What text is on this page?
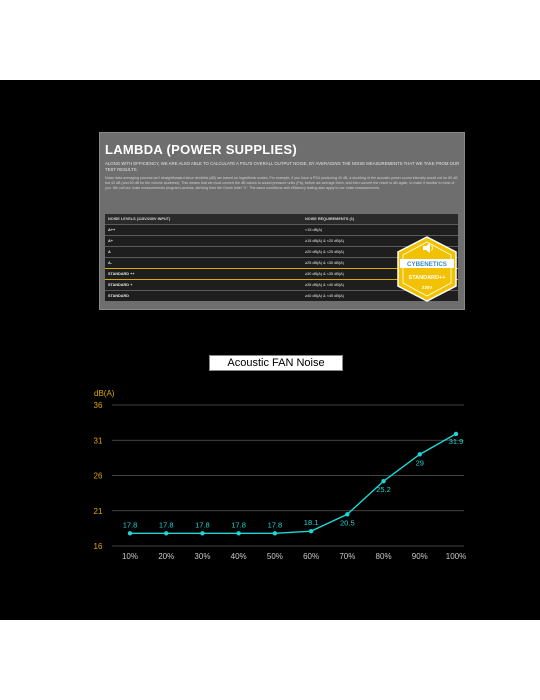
LAMBDA (POWER SUPPLIES)
ALONG WITH EFFICIENCY, WE ARE ALSO ABLE TO CALCULATE A PSU'S OVERALL OUTPUT NOISE, BY AVERAGING THE NOISE MEASUREMENTS THAT WE TAKE FROM OUR TEST RESULTS.
Noise data averaging process isn't straightforward since decibels (dB) are based on logarithmic scales. For example, if you have a PSU producing 40 dB, a doubling of the acoustic power sound intensity would not be 80 dB but 43 dB (and 50 dB for the volume loudness). This means that we must convert the dB values to sound pressure units (Pa), before we average them, and then convert the result to dB again, to make it familiar to most of you. We call our noise measurements program Lambda, deriving from the Greek letter "λ". The same conditions with efficiency testing also apply to our noise measurements.
NOISE LEVELS (115V/230V INPUT)	NOISE REQUIREMENTS (1)
A++	<15 dB(A)
A+	≥15 dB(A) & <20 dB(A)
A	≥20 dB(A) & <25 dB(A)
A-	≥25 dB(A) & <30 dB(A)
STANDARD ++	≥30 dB(A) & <35 dB(A)
STANDARD +	≥35 dB(A) & <40 dB(A)
STANDARD	≥40 dB(A) & <45 dB(A)
CYBENETICS
STANDARD++
230V
Acoustic FAN Noise (@1M)
16
21
26
31
36
10%	20%	30%	40%	50%	60%	70%	80%	90% 100%
dB(A)
17.8	17.8	17.8	17.8	17.8	18.1	20.5
25.2
29
31.9
